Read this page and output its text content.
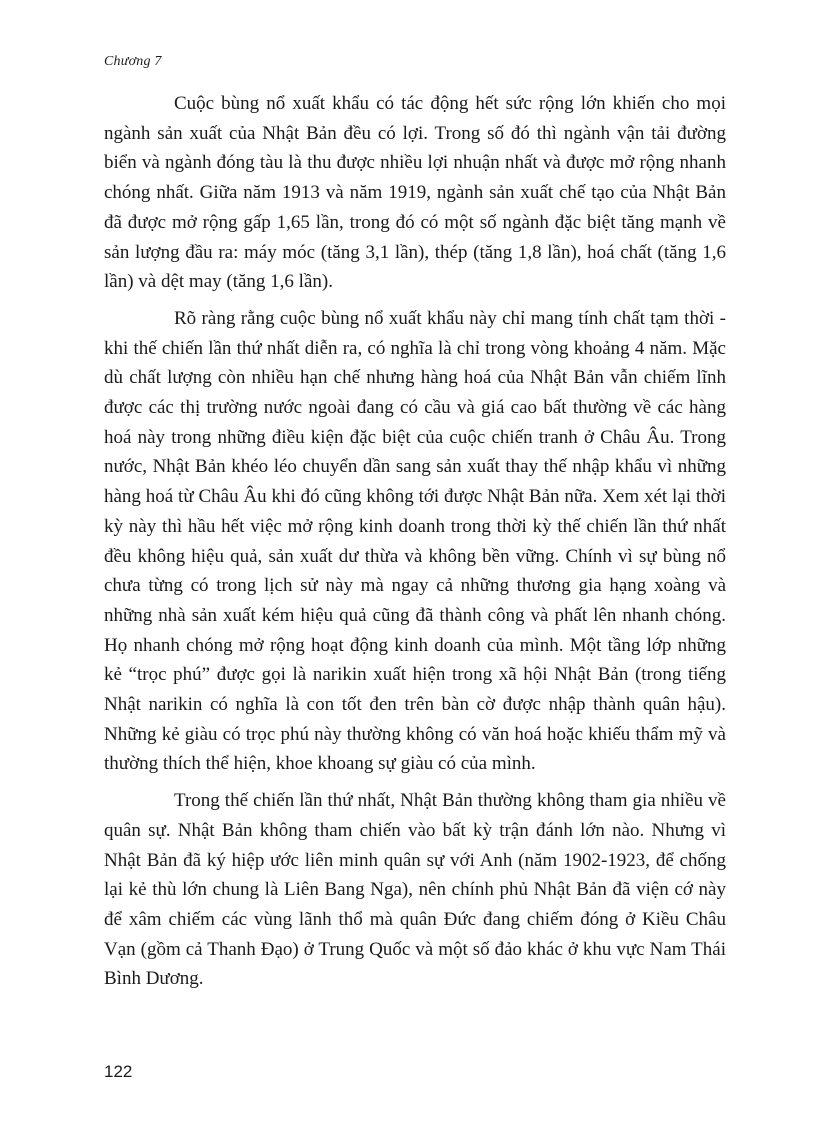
Chương 7

Cuộc bùng nổ xuất khẩu có tác động hết sức rộng lớn khiến cho mọi ngành sản xuất của Nhật Bản đều có lợi. Trong số đó thì ngành vận tải đường biển và ngành đóng tàu là thu được nhiều lợi nhuận nhất và được mở rộng nhanh chóng nhất. Giữa năm 1913 và năm 1919, ngành sản xuất chế tạo của Nhật Bản đã được mở rộng gấp 1,65 lần, trong đó có một số ngành đặc biệt tăng mạnh về sản lượng đầu ra: máy móc (tăng 3,1 lần), thép (tăng 1,8 lần), hoá chất (tăng 1,6 lần) và dệt may (tăng 1,6 lần).

Rõ ràng rằng cuộc bùng nổ xuất khẩu này chỉ mang tính chất tạm thời - khi thế chiến lần thứ nhất diễn ra, có nghĩa là chỉ trong vòng khoảng 4 năm. Mặc dù chất lượng còn nhiều hạn chế nhưng hàng hoá của Nhật Bản vẫn chiếm lĩnh được các thị trường nước ngoài đang có cầu và giá cao bất thường về các hàng hoá này trong những điều kiện đặc biệt của cuộc chiến tranh ở Châu Âu. Trong nước, Nhật Bản khéo léo chuyển dần sang sản xuất thay thế nhập khẩu vì những hàng hoá từ Châu Âu khi đó cũng không tới được Nhật Bản nữa. Xem xét lại thời kỳ này thì hầu hết việc mở rộng kinh doanh trong thời kỳ thế chiến lần thứ nhất đều không hiệu quả, sản xuất dư thừa và không bền vững. Chính vì sự bùng nổ chưa từng có trong lịch sử này mà ngay cả những thương gia hạng xoàng và những nhà sản xuất kém hiệu quả cũng đã thành công và phất lên nhanh chóng. Họ nhanh chóng mở rộng hoạt động kinh doanh của mình. Một tầng lớp những kẻ “trọc phú” được gọi là narikin xuất hiện trong xã hội Nhật Bản (trong tiếng Nhật narikin có nghĩa là con tốt đen trên bàn cờ được nhập thành quân hậu). Những kẻ giàu có trọc phú này thường không có văn hoá hoặc khiếu thẩm mỹ và thường thích thể hiện, khoe khoang sự giàu có của mình.

Trong thế chiến lần thứ nhất, Nhật Bản thường không tham gia nhiều về quân sự. Nhật Bản không tham chiến vào bất kỳ trận đánh lớn nào. Nhưng vì Nhật Bản đã ký hiệp ước liên minh quân sự với Anh (năm 1902-1923, để chống lại kẻ thù lớn chung là Liên Bang Nga), nên chính phủ Nhật Bản đã viện cớ này để xâm chiếm các vùng lãnh thổ mà quân Đức đang chiếm đóng ở Kiều Châu Vạn (gồm cả Thanh Đạo) ở Trung Quốc và một số đảo khác ở khu vực Nam Thái Bình Dương.

122
